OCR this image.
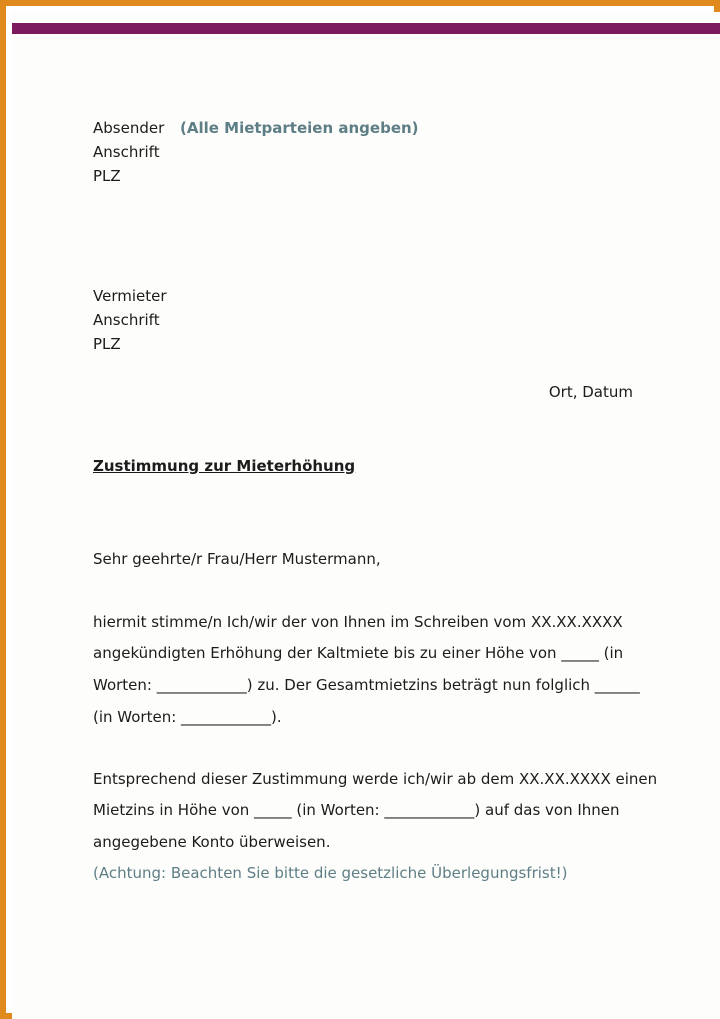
Absender (Alle Mietparteien angeben)
Anschrift
PLZ
Vermieter
Anschrift
PLZ
Ort, Datum
Zustimmung zur Mieterhöhung
Sehr geehrte/r Frau/Herr Mustermann,
hiermit stimme/n Ich/wir der von Ihnen im Schreiben vom XX.XX.XXXX
angekündigten Erhöhung der Kaltmiete bis zu einer Höhe von _____ (in
Worten: ____________) zu. Der Gesamtmietzins beträgt nun folglich ______
(in Worten: ____________).
Entsprechend dieser Zustimmung werde ich/wir ab dem XX.XX.XXXX einen
Mietzins in Höhe von _____ (in Worten: ____________) auf das von Ihnen
angegebene Konto überweisen.
(Achtung: Beachten Sie bitte die gesetzliche Überlegungsfrist!)
